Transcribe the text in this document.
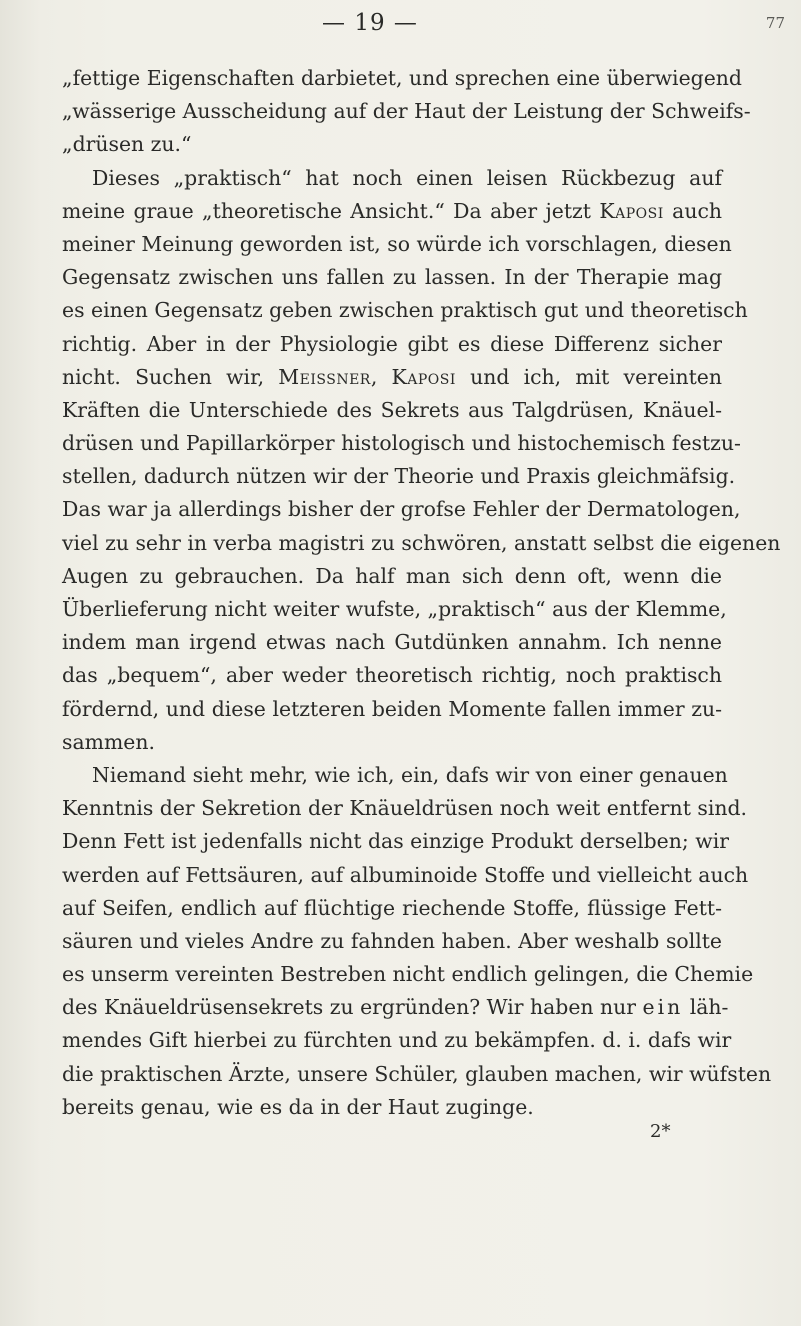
— 19 —	77
„fettige Eigenschaften darbietet, und sprechen eine überwiegend
„wässerige Ausscheidung auf der Haut der Leistung der Schweifs-
„drüsen zu.“
Dieses „praktisch“ hat noch einen leisen Rückbezug auf
meine graue „theoretische Ansicht.“ Da aber jetzt Kaposi auch
meiner Meinung geworden ist, so würde ich vorschlagen, diesen
Gegensatz zwischen uns fallen zu lassen. In der Therapie mag
es einen Gegensatz geben zwischen praktisch gut und theoretisch
richtig. Aber in der Physiologie gibt es diese Differenz sicher
nicht. Suchen wir, Meissner, Kaposi und ich, mit vereinten
Kräften die Unterschiede des Sekrets aus Talgdrüsen, Knäuel-
drüsen und Papillarkörper histologisch und histochemisch festzu-
stellen, dadurch nützen wir der Theorie und Praxis gleichmäfsig.
Das war ja allerdings bisher der grofse Fehler der Dermatologen,
viel zu sehr in verba magistri zu schwören, anstatt selbst die eigenen
Augen zu gebrauchen. Da half man sich denn oft, wenn die
Überlieferung nicht weiter wufste, „praktisch“ aus der Klemme,
indem man irgend etwas nach Gutdünken annahm. Ich nenne
das „bequem“, aber weder theoretisch richtig, noch praktisch
fördernd, und diese letzteren beiden Momente fallen immer zu-
sammen.
Niemand sieht mehr, wie ich, ein, dafs wir von einer genauen
Kenntnis der Sekretion der Knäueldrüsen noch weit entfernt sind.
Denn Fett ist jedenfalls nicht das einzige Produkt derselben; wir
werden auf Fettsäuren, auf albuminoide Stoffe und vielleicht auch
auf Seifen, endlich auf flüchtige riechende Stoffe, flüssige Fett-
säuren und vieles Andre zu fahnden haben. Aber weshalb sollte
es unserm vereinten Bestreben nicht endlich gelingen, die Chemie
des Knäueldrüsensekrets zu ergründen? Wir haben nur ein läh-
mendes Gift hierbei zu fürchten und zu bekämpfen. d. i. dafs wir
die praktischen Ärzte, unsere Schüler, glauben machen, wir wüfsten
bereits genau, wie es da in der Haut zuginge.
2*
